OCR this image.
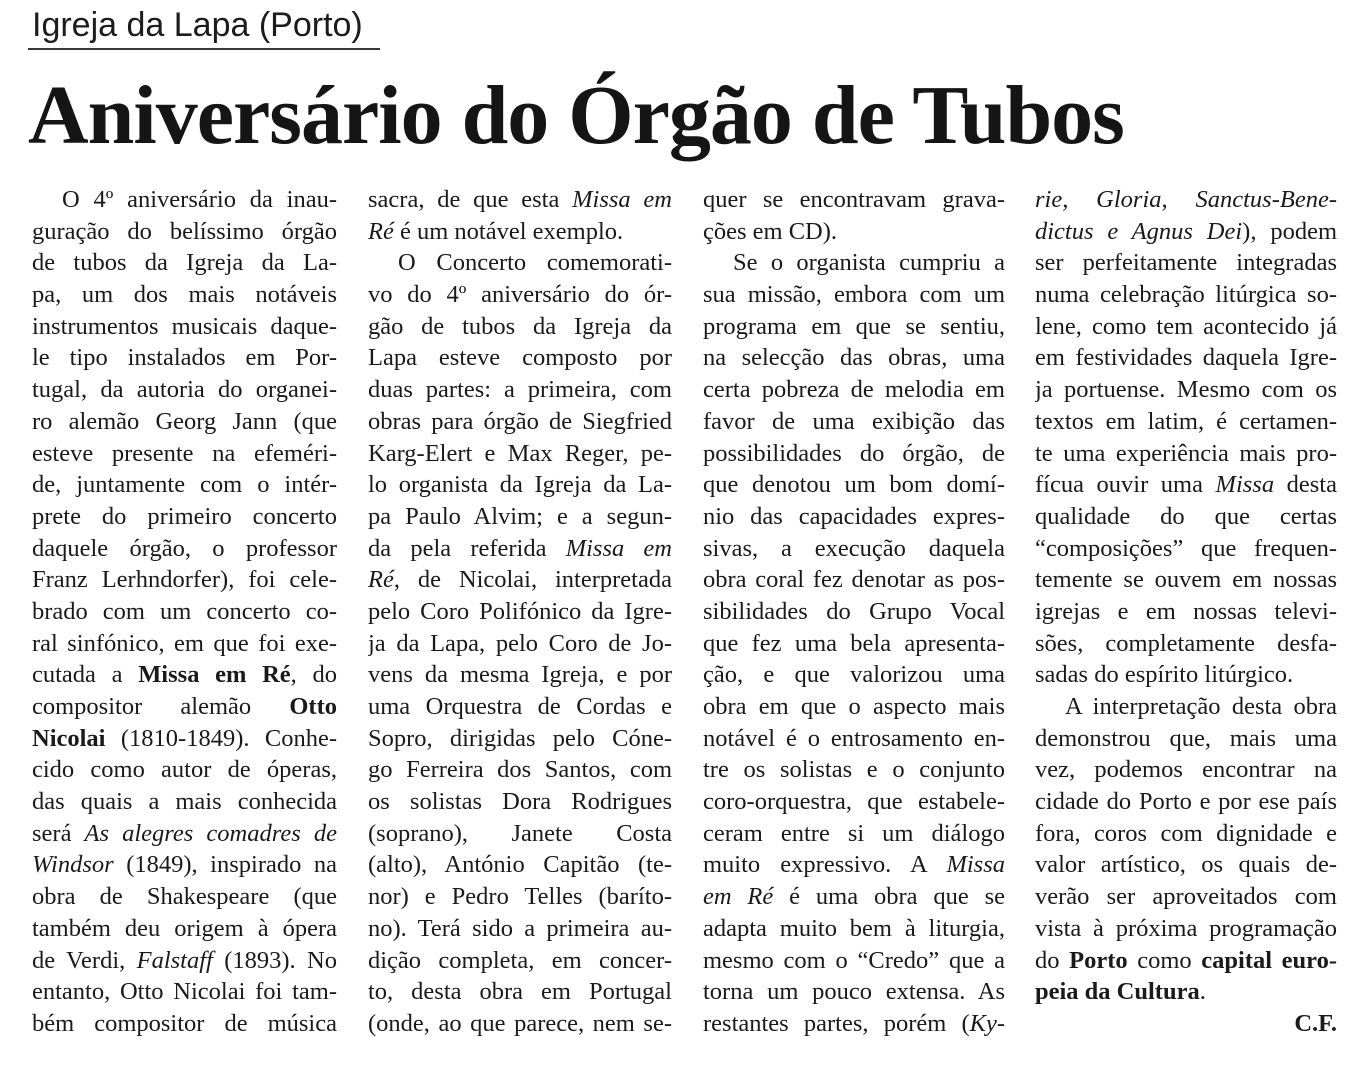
Igreja da Lapa (Porto)
Aniversário do Órgão de Tubos
O 4º aniversário da inau-
guração do belíssimo órgão
de tubos da Igreja da La-
pa, um dos mais notáveis
instrumentos musicais daque-
le tipo instalados em Por-
tugal, da autoria do organei-
ro alemão Georg Jann (que
esteve presente na efeméri-
de, juntamente com o intér-
prete do primeiro concerto
daquele órgão, o professor
Franz Lerhndorfer), foi cele-
brado com um concerto co-
ral sinfónico, em que foi exe-
cutada a Missa em Ré, do
compositor alemão Otto
Nicolai (1810-1849). Conhe-
cido como autor de óperas,
das quais a mais conhecida
será As alegres comadres de
Windsor (1849), inspirado na
obra de Shakespeare (que
também deu origem à ópera
de Verdi, Falstaff (1893). No
entanto, Otto Nicolai foi tam-
bém compositor de música
sacra, de que esta Missa em
Ré é um notável exemplo.
O Concerto comemorati-
vo do 4º aniversário do ór-
gão de tubos da Igreja da
Lapa esteve composto por
duas partes: a primeira, com
obras para órgão de Siegfried
Karg-Elert e Max Reger, pe-
lo organista da Igreja da La-
pa Paulo Alvim; e a segun-
da pela referida Missa em
Ré, de Nicolai, interpretada
pelo Coro Polifónico da Igre-
ja da Lapa, pelo Coro de Jo-
vens da mesma Igreja, e por
uma Orquestra de Cordas e
Sopro, dirigidas pelo Cóne-
go Ferreira dos Santos, com
os solistas Dora Rodrigues
(soprano), Janete Costa
(alto), António Capitão (te-
nor) e Pedro Telles (baríto-
no). Terá sido a primeira au-
dição completa, em concer-
to, desta obra em Portugal
(onde, ao que parece, nem se-
quer se encontravam grava-
ções em CD).
Se o organista cumpriu a
sua missão, embora com um
programa em que se sentiu,
na selecção das obras, uma
certa pobreza de melodia em
favor de uma exibição das
possibilidades do órgão, de
que denotou um bom domí-
nio das capacidades expres-
sivas, a execução daquela
obra coral fez denotar as pos-
sibilidades do Grupo Vocal
que fez uma bela apresenta-
ção, e que valorizou uma
obra em que o aspecto mais
notável é o entrosamento en-
tre os solistas e o conjunto
coro-orquestra, que estabele-
ceram entre si um diálogo
muito expressivo. A Missa
em Ré é uma obra que se
adapta muito bem à liturgia,
mesmo com o “Credo” que a
torna um pouco extensa. As
restantes partes, porém (Ky-
rie, Gloria, Sanctus-Bene-
dictus e Agnus Dei), podem
ser perfeitamente integradas
numa celebração litúrgica so-
lene, como tem acontecido já
em festividades daquela Igre-
ja portuense. Mesmo com os
textos em latim, é certamen-
te uma experiência mais pro-
fícua ouvir uma Missa desta
qualidade do que certas
“composições” que frequen-
temente se ouvem em nossas
igrejas e em nossas televi-
sões, completamente desfa-
sadas do espírito litúrgico.
A interpretação desta obra
demonstrou que, mais uma
vez, podemos encontrar na
cidade do Porto e por ese país
fora, coros com dignidade e
valor artístico, os quais de-
verão ser aproveitados com
vista à próxima programação
do Porto como capital euro-
peia da Cultura.
C.F.
